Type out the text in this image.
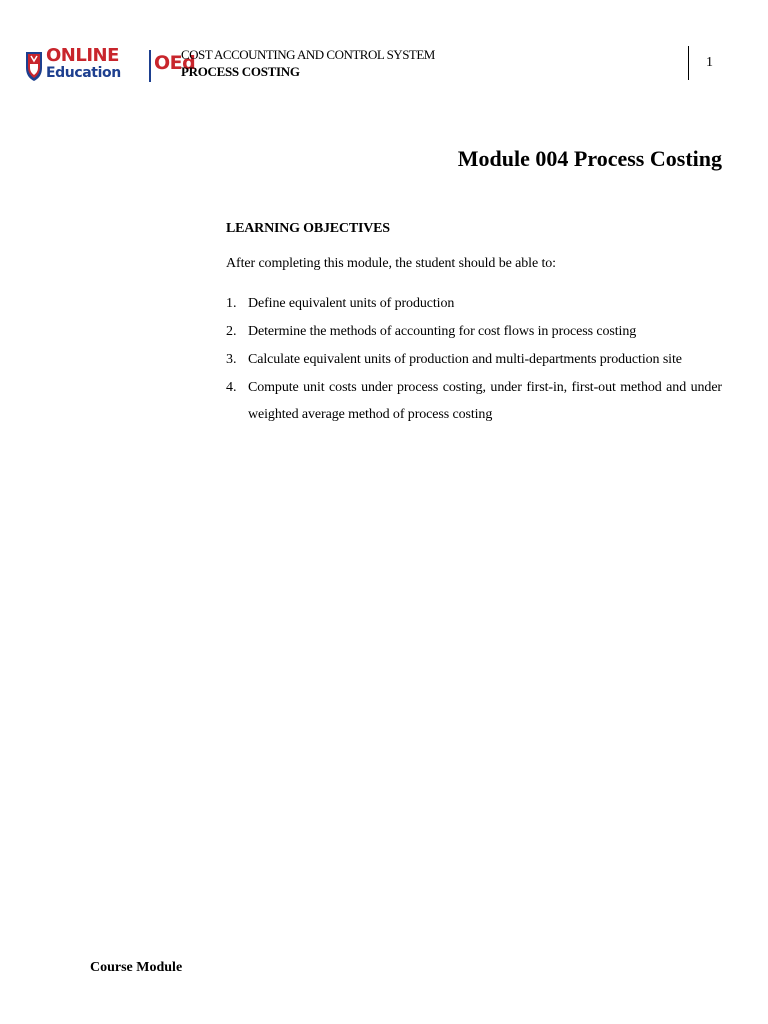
ONLINE
Education OEd
COST ACCOUNTING AND CONTROL SYSTEM
PROCESS COSTING
1
Module 004 Process Costing
LEARNING OBJECTIVES
After completing this module, the student should be able to:
1. Define equivalent units of production
2. Determine the methods of accounting for cost flows in process costing
3. Calculate equivalent units of production and multi-departments production site
4. Compute unit costs under process costing, under first-in, first-out method and under weighted average method of process costing
Course Module
